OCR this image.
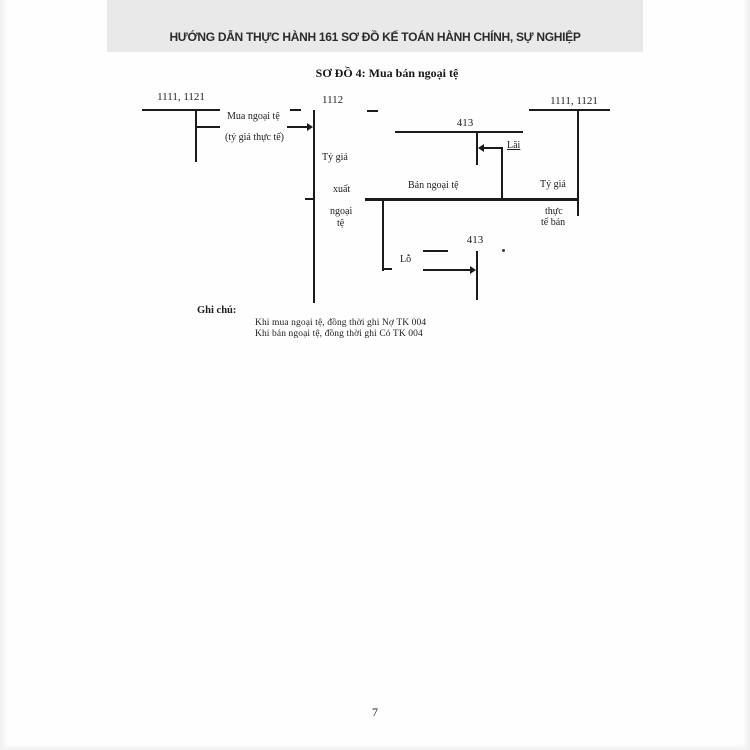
HƯỚNG DẪN THỰC HÀNH 161 SƠ ĐỒ KẾ TOÁN HÀNH CHÍNH, SỰ NGHIỆP
SƠ ĐỒ 4: Mua bán ngoại tệ
1111, 1121
Mua ngoại tệ
(tỷ giá thực tế)
1112
Tỷ giá
xuất
ngoại
tệ
413
Lãi
Bán ngoại tệ
1111, 1121
Tỷ giá
thực
tế bán
413
Lỗ
Ghi chú:
Khi mua ngoại tệ, đồng thời ghi Nợ TK 004
Khi bán ngoại tệ, đồng thời ghi Có TK 004
7
